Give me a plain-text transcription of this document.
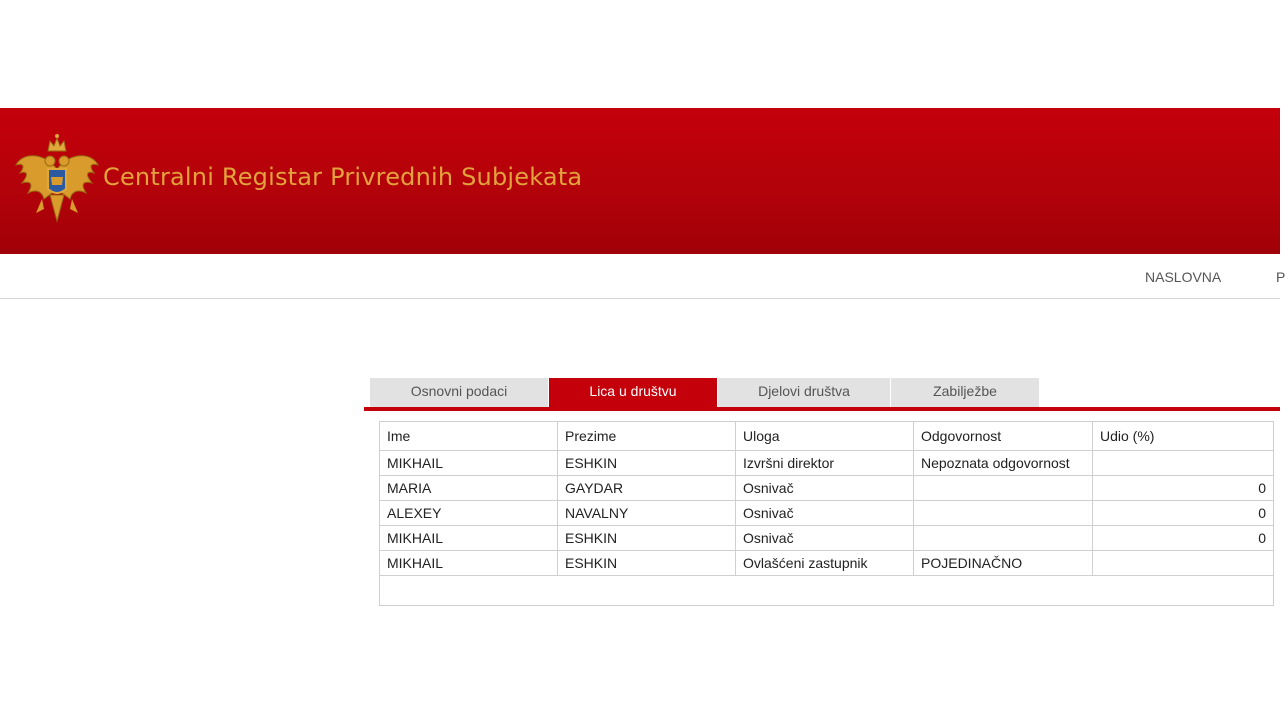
Centralni Registar Privrednih Subjekata
NASLOVNA	P
Osnovni podaci	Lica u društvu	Djelovi društva	Zabilježbe
Ime	Prezime	Uloga	Odgovornost	Udio (%)
MIKHAIL	ESHKIN	Izvršni direktor	Nepoznata odgovornost	
MARIA	GAYDAR	Osnivač		0
ALEXEY	NAVALNY	Osnivač		0
MIKHAIL	ESHKIN	Osnivač		0
MIKHAIL	ESHKIN	Ovlašćeni zastupnik	POJEDINAČNO	
